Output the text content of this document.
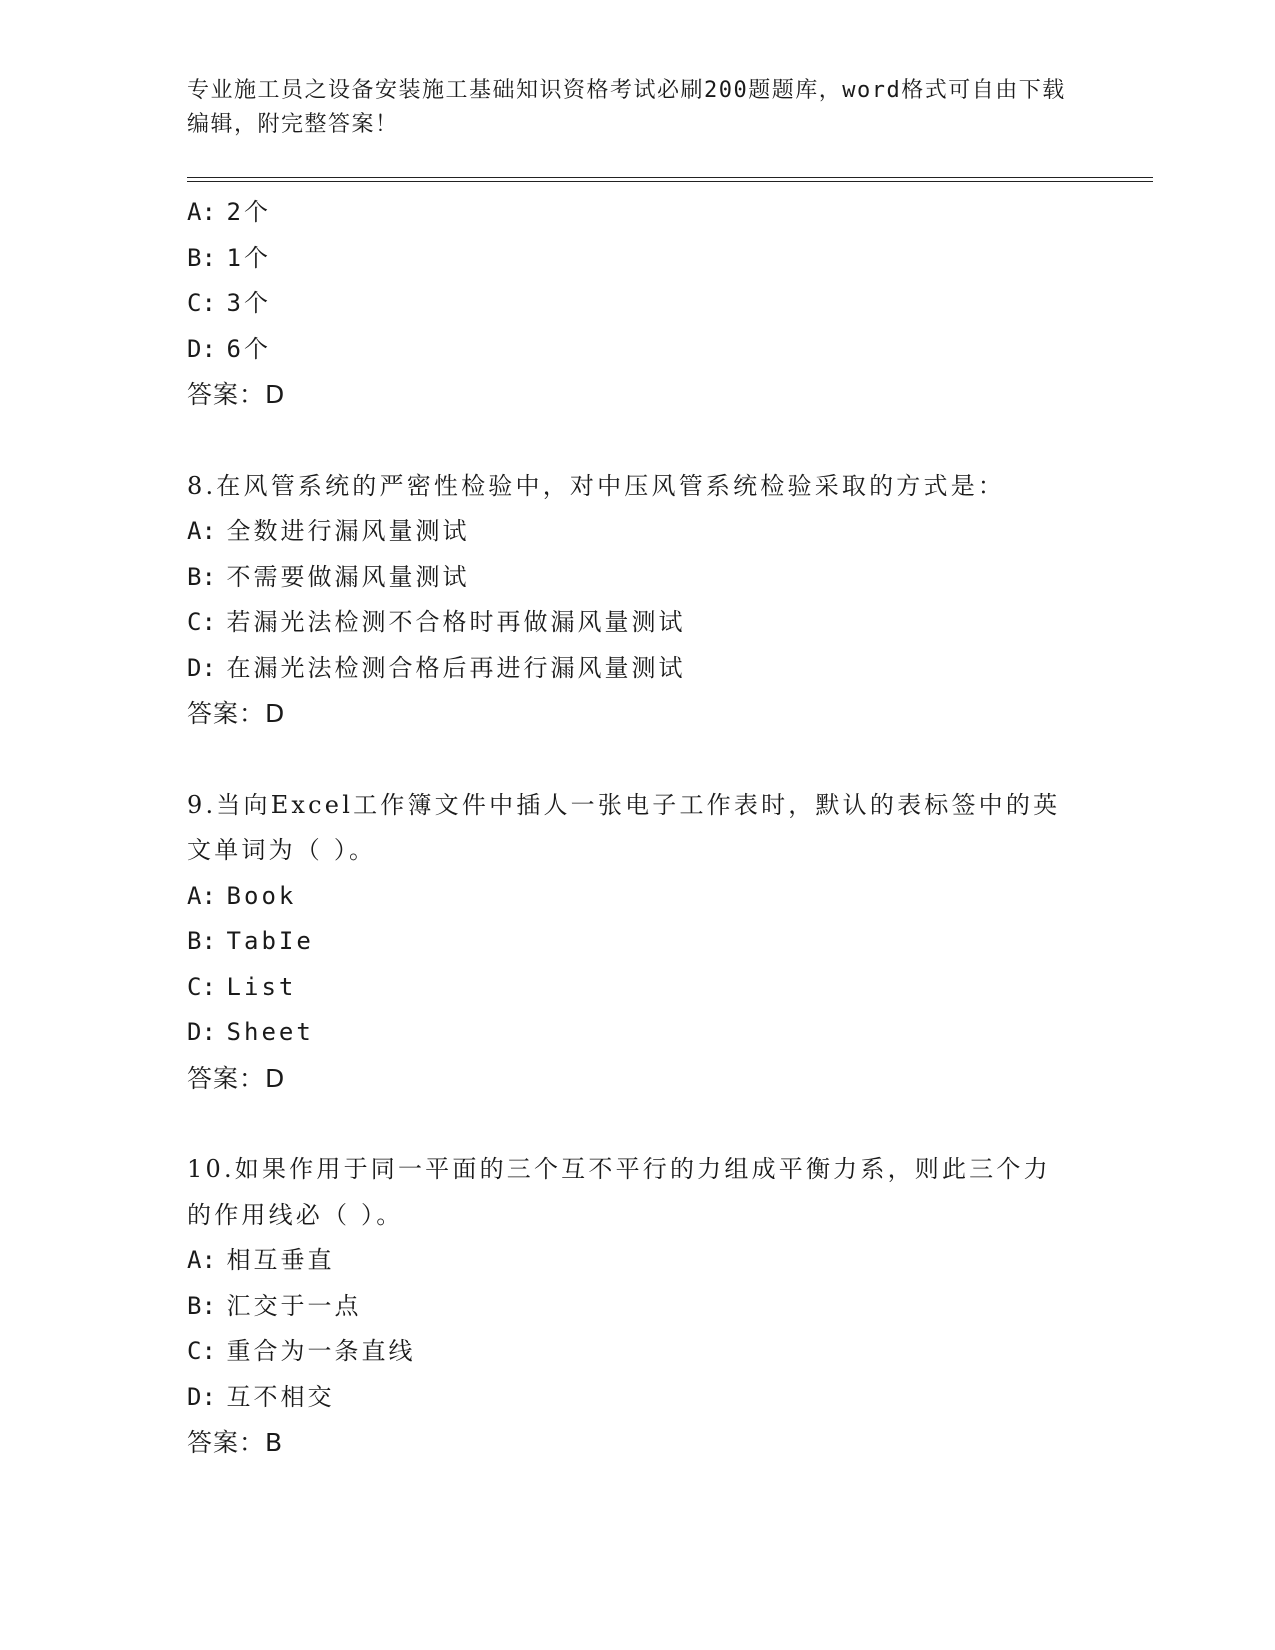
专业施工员之设备安装施工基础知识资格考试必刷200题题库，word格式可自由下载编辑，附完整答案！
A: 2个
B: 1个
C: 3个
D: 6个
答案：D
8.在风管系统的严密性检验中，对中压风管系统检验采取的方式是：
A: 全数进行漏风量测试
B: 不需要做漏风量测试
C: 若漏光法检测不合格时再做漏风量测试
D: 在漏光法检测合格后再进行漏风量测试
答案：D
9.当向Excel工作簿文件中插人一张电子工作表时，默认的表标签中的英文单词为（ ）。
A: Book
B: TabIe
C: List
D: Sheet
答案：D
10.如果作用于同一平面的三个互不平行的力组成平衡力系，则此三个力的作用线必（ ）。
A: 相互垂直
B: 汇交于一点
C: 重合为一条直线
D: 互不相交
答案：B
